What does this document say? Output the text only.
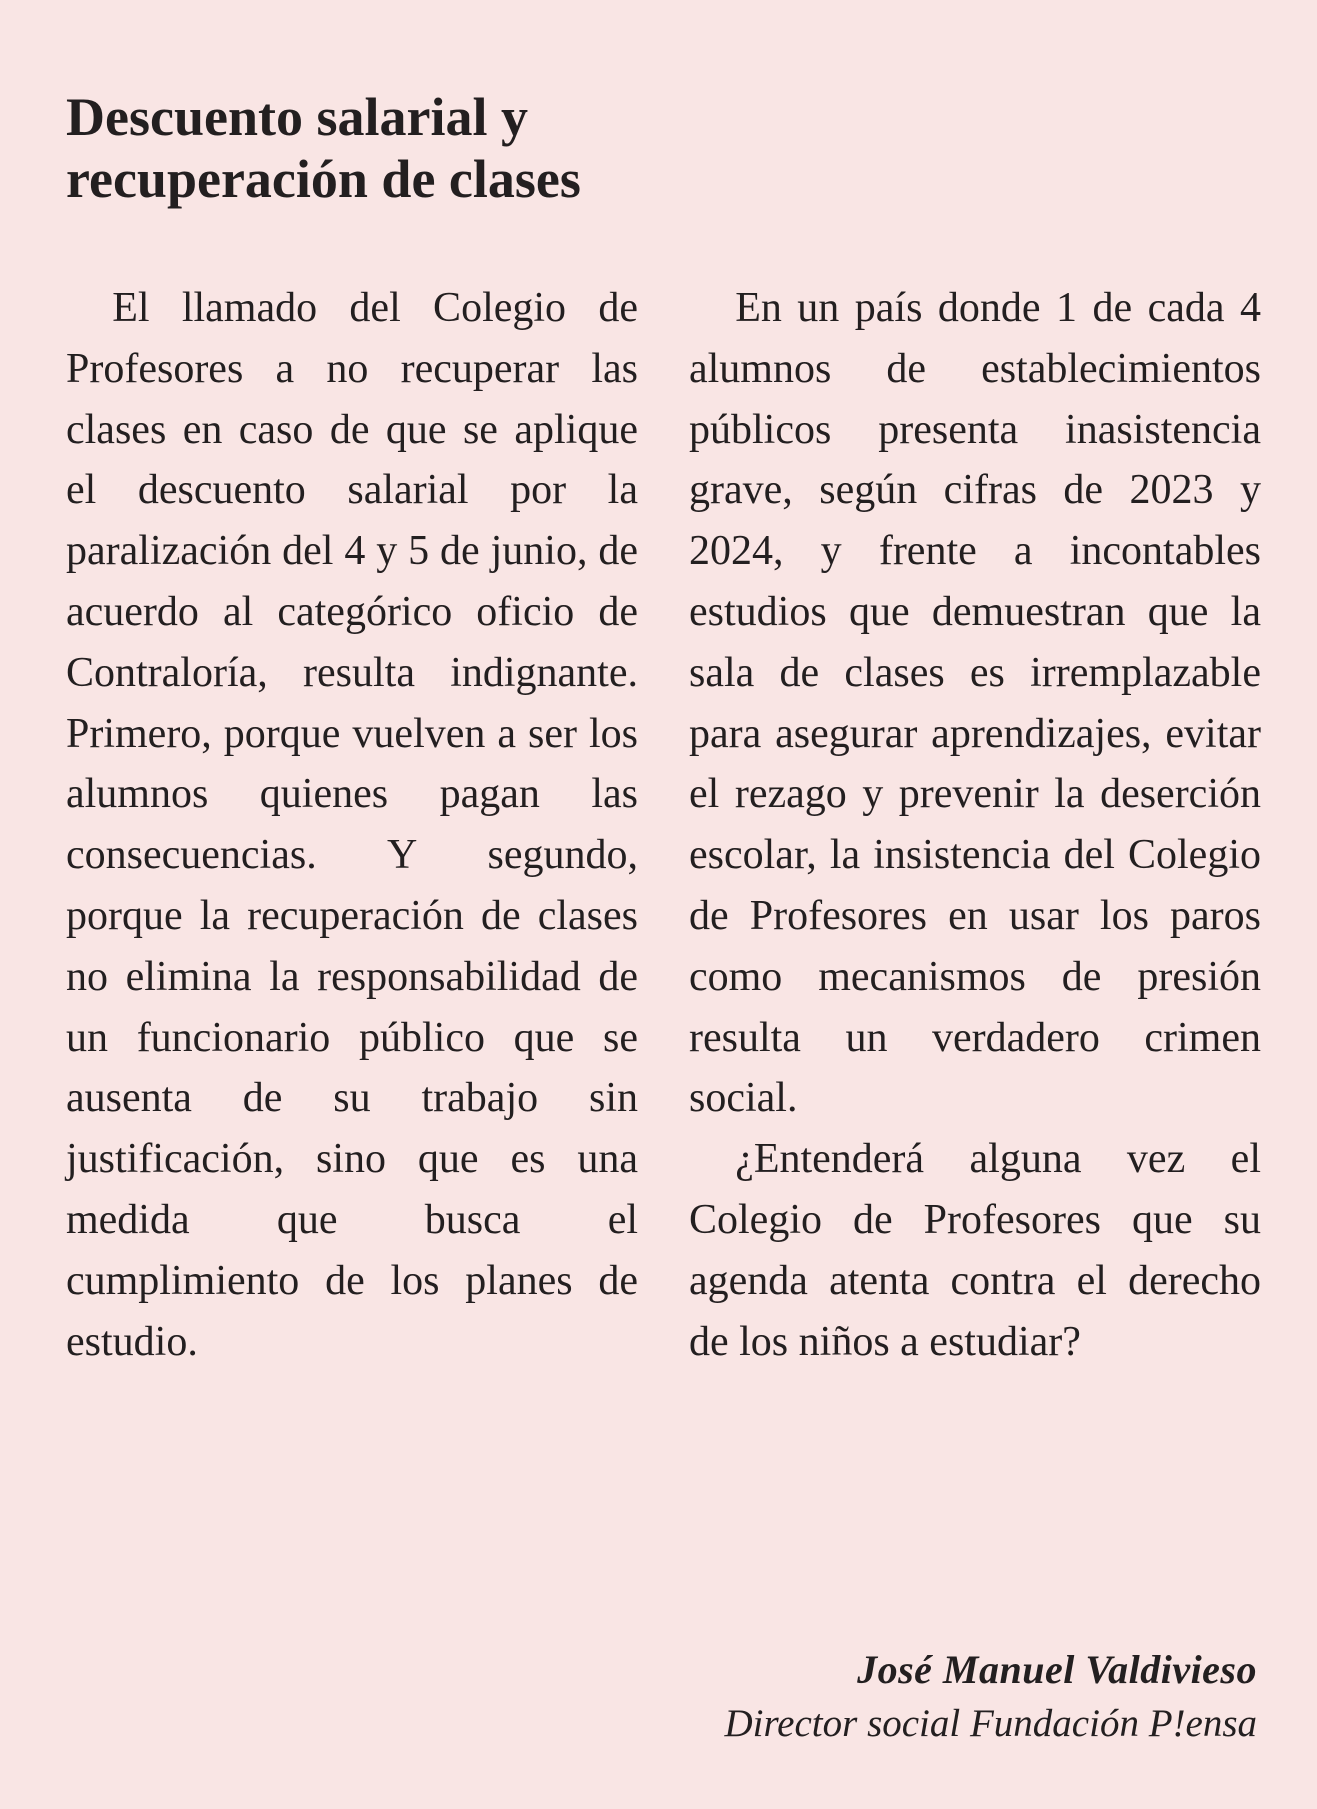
Descuento salarial y
recuperación de clases

El llamado del Colegio de Profesores a no recuperar las clases en caso de que se aplique el descuento salarial por la paralización del 4 y 5 de junio, de acuerdo al categórico oficio de Contraloría, resulta indignante. Primero, porque vuelven a ser los alumnos quienes pagan las consecuencias. Y segundo, porque la recuperación de clases no elimina la responsabilidad de un funcionario público que se ausenta de su trabajo sin justificación, sino que es una medida que busca el cumplimiento de los planes de estudio.

En un país donde 1 de cada 4 alumnos de establecimientos públicos presenta inasistencia grave, según cifras de 2023 y 2024, y frente a incontables estudios que demuestran que la sala de clases es irremplazable para asegurar aprendizajes, evitar el rezago y prevenir la deserción escolar, la insistencia del Colegio de Profesores en usar los paros como mecanismos de presión resulta un verdadero crimen social.

¿Entenderá alguna vez el Colegio de Profesores que su agenda atenta contra el derecho de los niños a estudiar?

José Manuel Valdivieso
Director social Fundación P!ensa
